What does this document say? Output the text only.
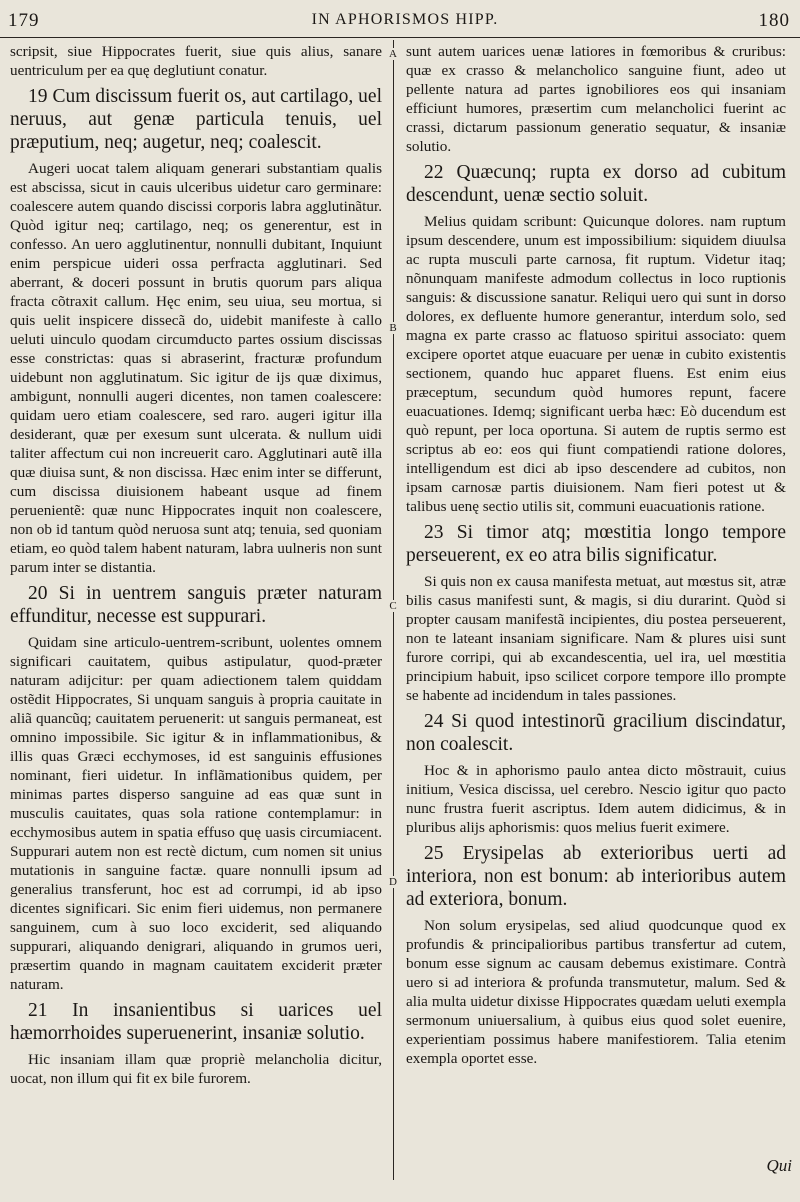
179	IN APHORISMOS HIPP.	180
A
B
C
D

scripsit, siue Hippocrates fuerit, siue quis alius, sanare uentriculum per ea quę deglutiunt conatur.

19 Cum discissum fuerit os, aut cartilago, uel neruus, aut genæ particula tenuis, uel præputium, neq; augetur, neq; coalescit.

Augeri uocat talem aliquam generari substantiam qualis est abscissa, sicut in cauis ulceribus uidetur caro germinare: coalescere autem quando discissi corporis labra agglutinãtur. Quòd igitur neq; cartilago, neq; os generentur, est in confesso. An uero agglutinentur, nonnulli dubitant, Inquiunt enim perspicue uideri ossa perfracta agglutinari. Sed aberrant, & doceri possunt in brutis quorum pars aliqua fracta cõtraxit callum. Hęc enim, seu uiua, seu mortua, si quis uelit inspicere dissecã do, uidebit manifeste à callo ueluti uinculo quodam circumducto partes ossium discissas esse constrictas: quas si abraserint, fracturæ profundum uidebunt non agglutinatum. Sic igitur de ijs quæ diximus, ambigunt, nonnulli augeri dicentes, non tamen coalescere: quidam uero etiam coalescere, sed raro. augeri igitur illa desiderant, quæ per exesum sunt ulcerata. & nullum uidi taliter affectum cui non increuerit caro. Agglutinari autẽ illa quæ diuisa sunt, & non discissa. Hæc enim inter se differunt, cum discissa diuisionem habeant usque ad finem peruenientẽ: quæ nunc Hippocrates inquit non coalescere, non ob id tantum quòd neruosa sunt atq; tenuia, sed quoniam etiam, eo quòd talem habent naturam, labra uulneris non sunt parum inter se distantia.

20 Si in uentrem sanguis præter naturam effunditur, necesse est suppurari.

Quidam sine articulo-uentrem-scribunt, uolentes omnem significari cauitatem, quibus astipulatur, quod-præter naturam adijcitur: per quam adiectionem talem quiddam ostẽdit Hippocrates, Si unquam sanguis à propria cauitate in aliã quancũq; cauitatem peruenerit: ut sanguis permaneat, est omnino impossibile. Sic igitur & in inflammationibus, & illis quas Græci ecchymoses, id est sanguinis effusiones nominant, fieri uidetur. In inflãmationibus quidem, per minimas partes disperso sanguine ad eas quæ sunt in musculis cauitates, quas sola ratione contemplamur: in ecchymosibus autem in spatia effuso quę uasis circumiacent. Suppurari autem non est rectè dictum, cum nomen sit unius mutationis in sanguine factæ. quare nonnulli ipsum ad generalius transferunt, hoc est ad corrumpi, id ab ipso dicentes significari. Sic enim fieri uidemus, non permanere sanguinem, cum à suo loco exciderit, sed aliquando suppurari, aliquando denigrari, aliquando in grumos ueri, præsertim quando in magnam cauitatem exciderit præter naturam.

21 In insanientibus si uarices uel hæmorrhoides superuenerint, insaniæ solutio.

Hic insaniam illam quæ propriè melancholia dicitur, uocat, non illum qui fit ex bile furorem.

sunt autem uarices uenæ latiores in fœmoribus & cruribus: quæ ex crasso & melancholico sanguine fiunt, adeo ut pellente natura ad partes ignobiliores eos qui insaniam efficiunt humores, præsertim cum melancholici fuerint ac crassi, dictarum passionum generatio sequatur, & insaniæ solutio.

22 Quæcunq; rupta ex dorso ad cubitum descendunt, uenæ sectio soluit.

Melius quidam scribunt: Quicunque dolores. nam ruptum ipsum descendere, unum est impossibilium: siquidem diuulsa ac rupta musculi parte carnosa, fit ruptum. Videtur itaq; nõnunquam manifeste admodum collectus in loco ruptionis sanguis: & discussione sanatur. Reliqui uero qui sunt in dorso dolores, ex defluente humore generantur, interdum solo, sed magna ex parte crasso ac flatuoso spiritui associato: quem excipere oportet atque euacuare per uenæ in cubito existentis sectionem, quando huc apparet fluens. Est enim eius præceptum, secundum quòd humores repunt, facere euacuationes. Idemq; significant uerba hæc: Eò ducendum est quò repunt, per loca oportuna. Si autem de ruptis sermo est scriptus ab eo: eos qui fiunt compatiendi ratione dolores, intelligendum est dici ab ipso descendere ad cubitos, non ipsam carnosæ partis diuisionem. Nam fieri potest ut & talibus uenę sectio utilis sit, communi euacuationis ratione.

23 Si timor atq; mœstitia longo tempore perseuerent, ex eo atra bilis significatur.

Si quis non ex causa manifesta metuat, aut mœstus sit, atræ bilis casus manifesti sunt, & magis, si diu durarint. Quòd si propter causam manifestã incipientes, diu postea perseuerent, non te lateant insaniam significare. Nam & plures uisi sunt furore corripi, qui ab excandescentia, uel ira, uel mœstitia principium habuit, ipso scilicet corpore tempore illo prompte se habente ad incidendum in tales passiones.

24 Si quod intestinorũ gracilium discindatur, non coalescit.

Hoc & in aphorismo paulo antea dicto mõstrauit, cuius initium, Vesica discissa, uel cerebro. Nescio igitur quo pacto nunc frustra fuerit ascriptus. Idem autem didicimus, & in pluribus alijs aphorismis: quos melius fuerit eximere.

25 Erysipelas ab exterioribus uerti ad interiora, non est bonum: ab interioribus autem ad exteriora, bonum.

Non solum erysipelas, sed aliud quodcunque quod ex profundis & principalioribus partibus transfertur ad cutem, bonum esse signum ac causam debemus existimare. Contrà uero si ad interiora & profunda transmutetur, malum. Sed & alia multa uidetur dixisse Hippocrates quædam ueluti exempla sermonum uniuersalium, à quibus eius quod solet euenire, experientiam possimus habere manifestiorem. Talia etenim exempla oportet esse.

Qui
